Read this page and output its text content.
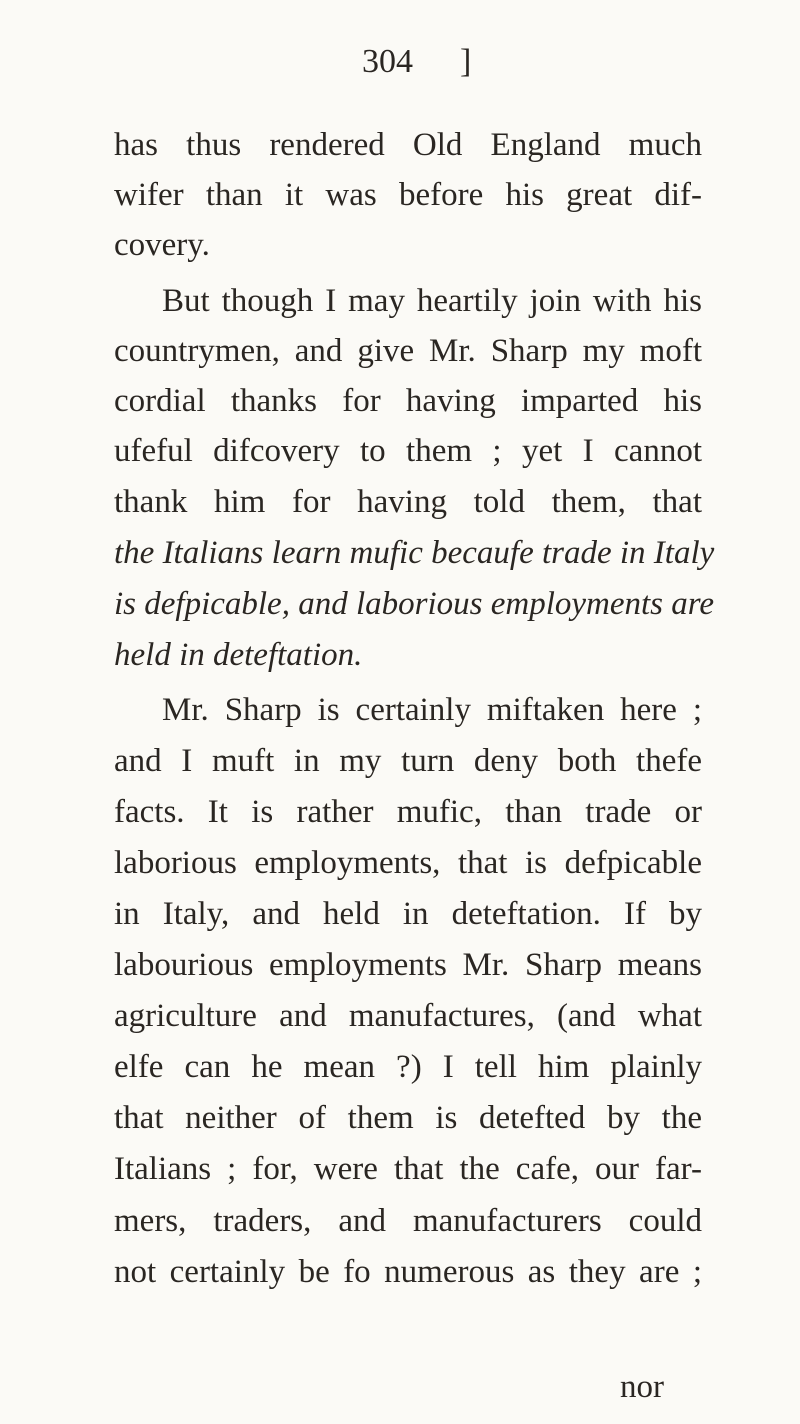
304 ]
has thus rendered Old England much
wifer than it was before his great dif-
covery.
But though I may heartily join with his
countrymen, and give Mr. Sharp my moft
cordial thanks for having imparted his
ufeful difcovery to them ; yet I cannot
thank him for having told them, that
the Italians learn mufic becaufe trade in Italy
is defpicable, and laborious employments are
held in deteftation.
Mr. Sharp is certainly miftaken here ;
and I muft in my turn deny both thefe
facts. It is rather mufic, than trade or
laborious employments, that is defpicable
in Italy, and held in deteftation. If by
labourious employments Mr. Sharp means
agriculture and manufactures, (and what
elfe can he mean ?) I tell him plainly
that neither of them is detefted by the
Italians ; for, were that the cafe, our far-
mers, traders, and manufacturers could
not certainly be fo numerous as they are ;
nor
